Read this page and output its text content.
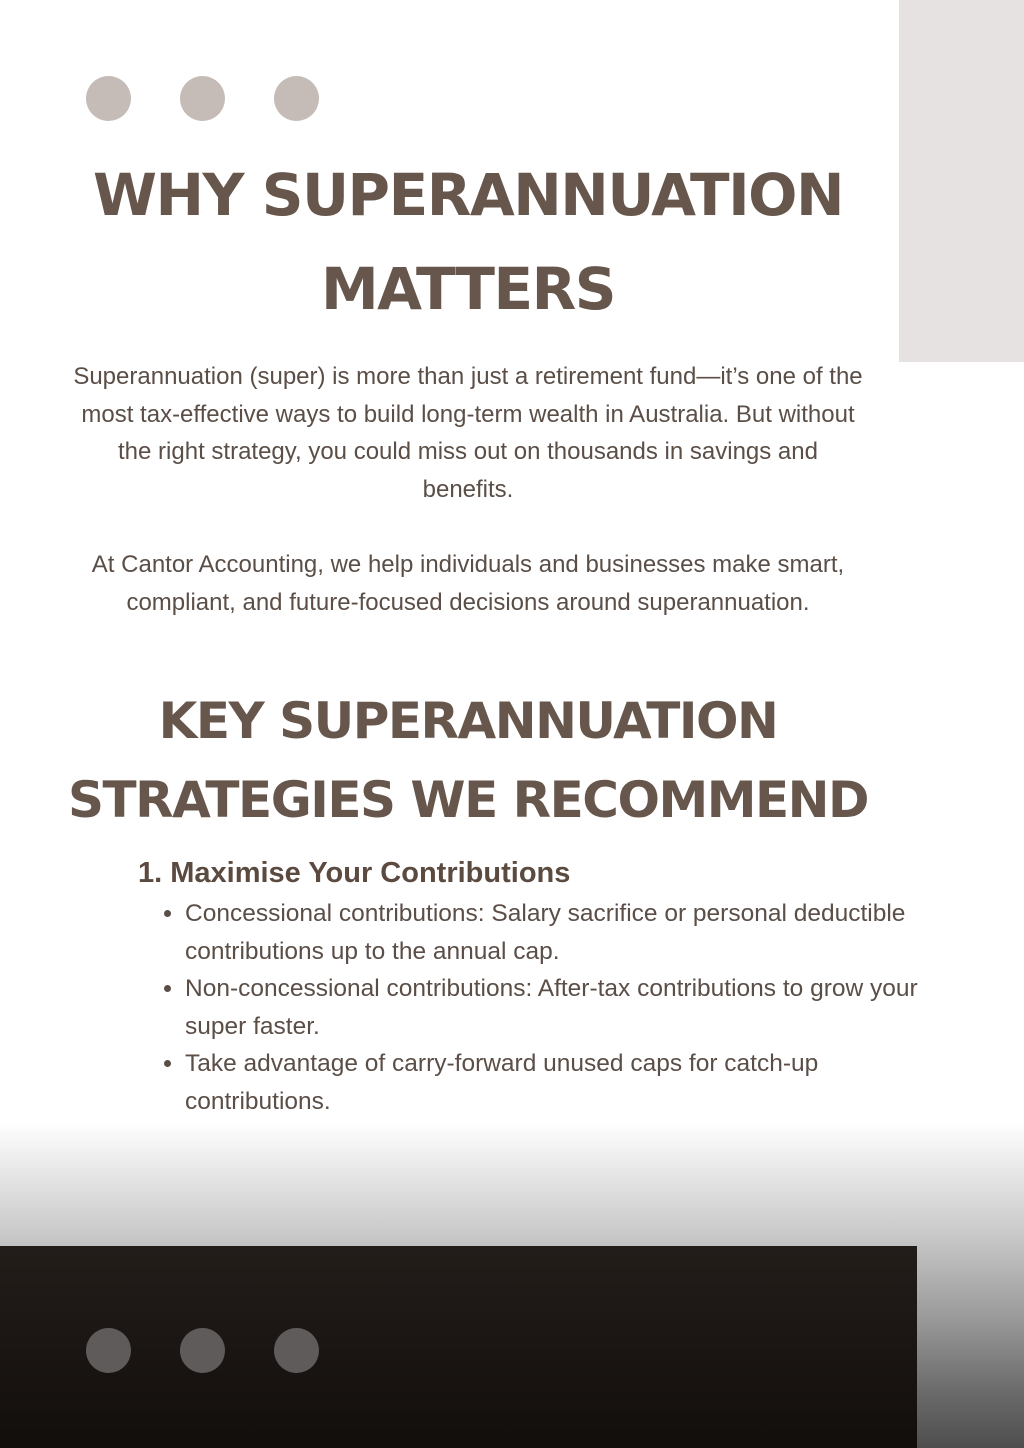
WHY SUPERANNUATION
MATTERS

Superannuation (super) is more than just a retirement fund—it’s one of the most tax-effective ways to build long-term wealth in Australia. But without the right strategy, you could miss out on thousands in savings and benefits.

At Cantor Accounting, we help individuals and businesses make smart, compliant, and future-focused decisions around superannuation.

KEY SUPERANNUATION
STRATEGIES WE RECOMMEND
1. Maximise Your Contributions
• Concessional contributions: Salary sacrifice or personal deductible contributions up to the annual cap.
• Non-concessional contributions: After-tax contributions to grow your super faster.
• Take advantage of carry-forward unused caps for catch-up contributions.
